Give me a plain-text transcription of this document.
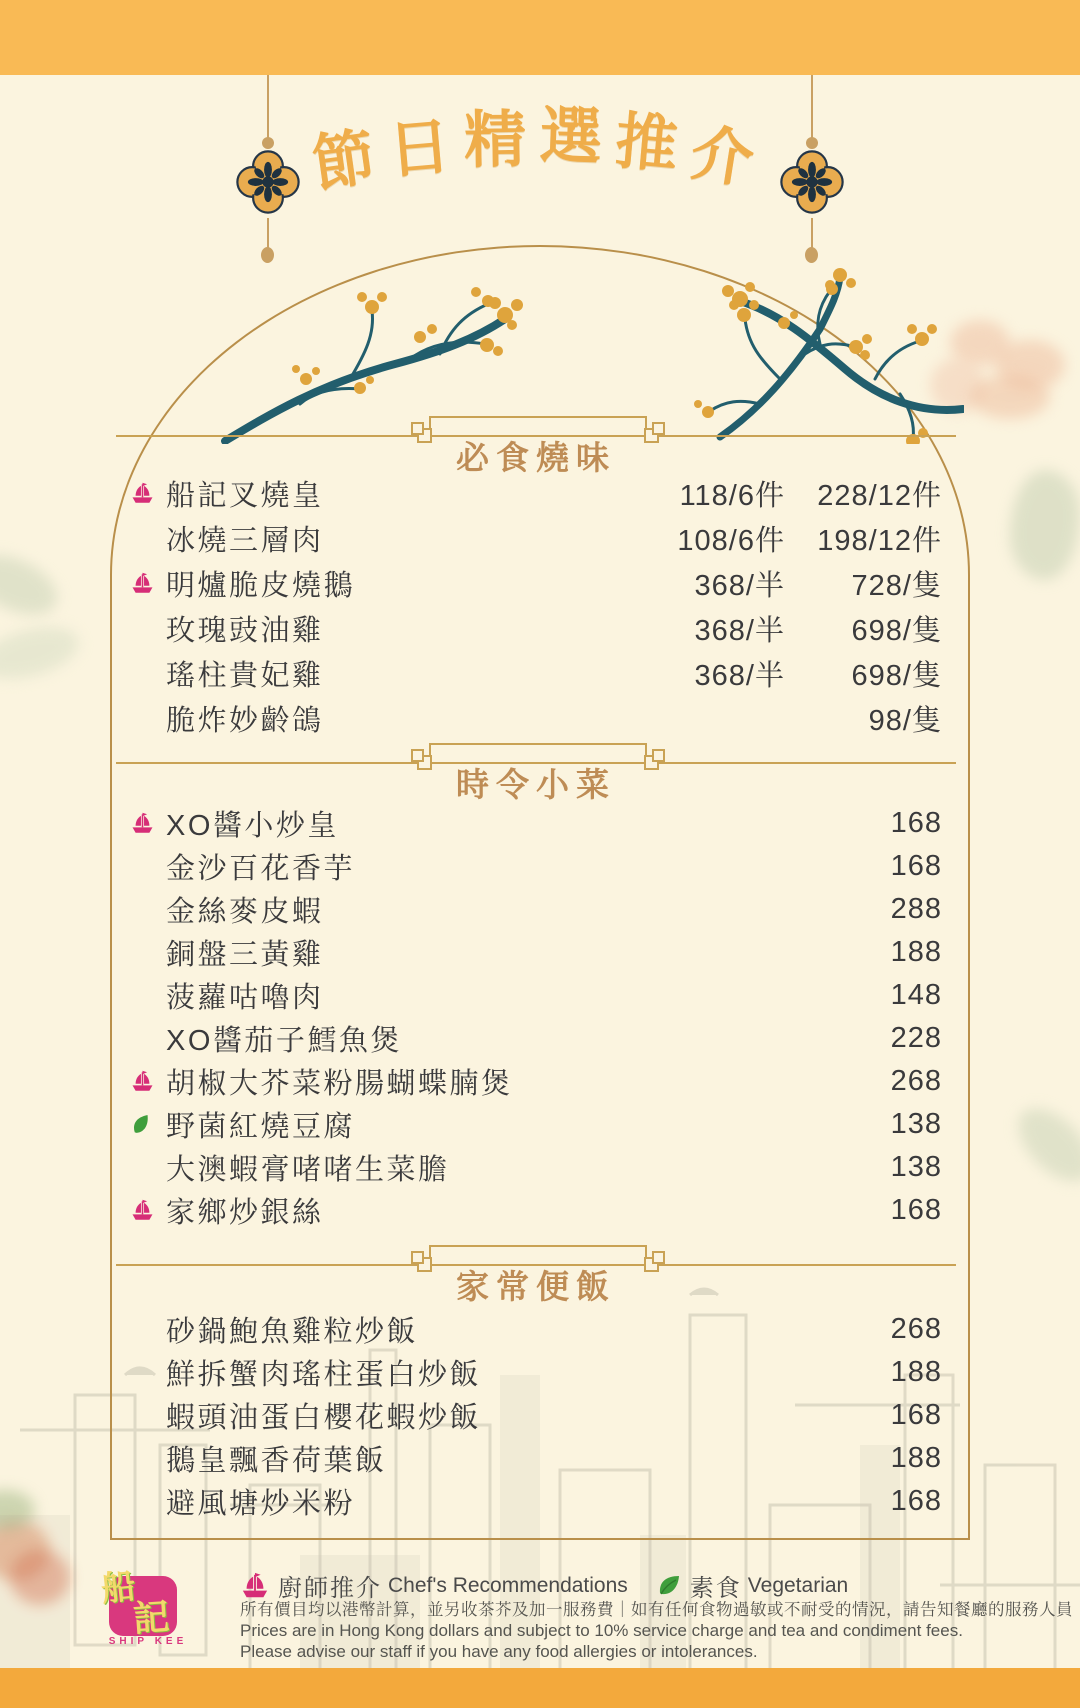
節日精選推介
必食燒味
船記叉燒皇	118/6件	228/12件
冰燒三層肉	108/6件	198/12件
明爐脆皮燒鵝	368/半	728/隻
玫瑰豉油雞	368/半	698/隻
瑤柱貴妃雞	368/半	698/隻
脆炸妙齡鴿	98/隻
時令小菜
XO醬小炒皇	168
金沙百花香芋	168
金絲麥皮蝦	288
銅盤三黃雞	188
菠蘿咕嚕肉	148
XO醬茄子鱈魚煲	228
胡椒大芥菜粉腸蝴蝶腩煲	268
野菌紅燒豆腐	138
大澳蝦膏啫啫生菜膽	138
家鄉炒銀絲	168
家常便飯
砂鍋鮑魚雞粒炒飯	268
鮮拆蟹肉瑤柱蛋白炒飯	188
蝦頭油蛋白櫻花蝦炒飯	168
鵝皇飄香荷葉飯	188
避風塘炒米粉	168
船
記
SHIP KEE
廚師推介 Chef's Recommendations	素食 Vegetarian
所有價目均以港幣計算，並另收茶芥及加一服務費｜如有任何食物過敏或不耐受的情況，請告知餐廳的服務人員
Prices are in Hong Kong dollars and subject to 10% service charge and tea and condiment fees.
Please advise our staff if you have any food allergies or intolerances.
